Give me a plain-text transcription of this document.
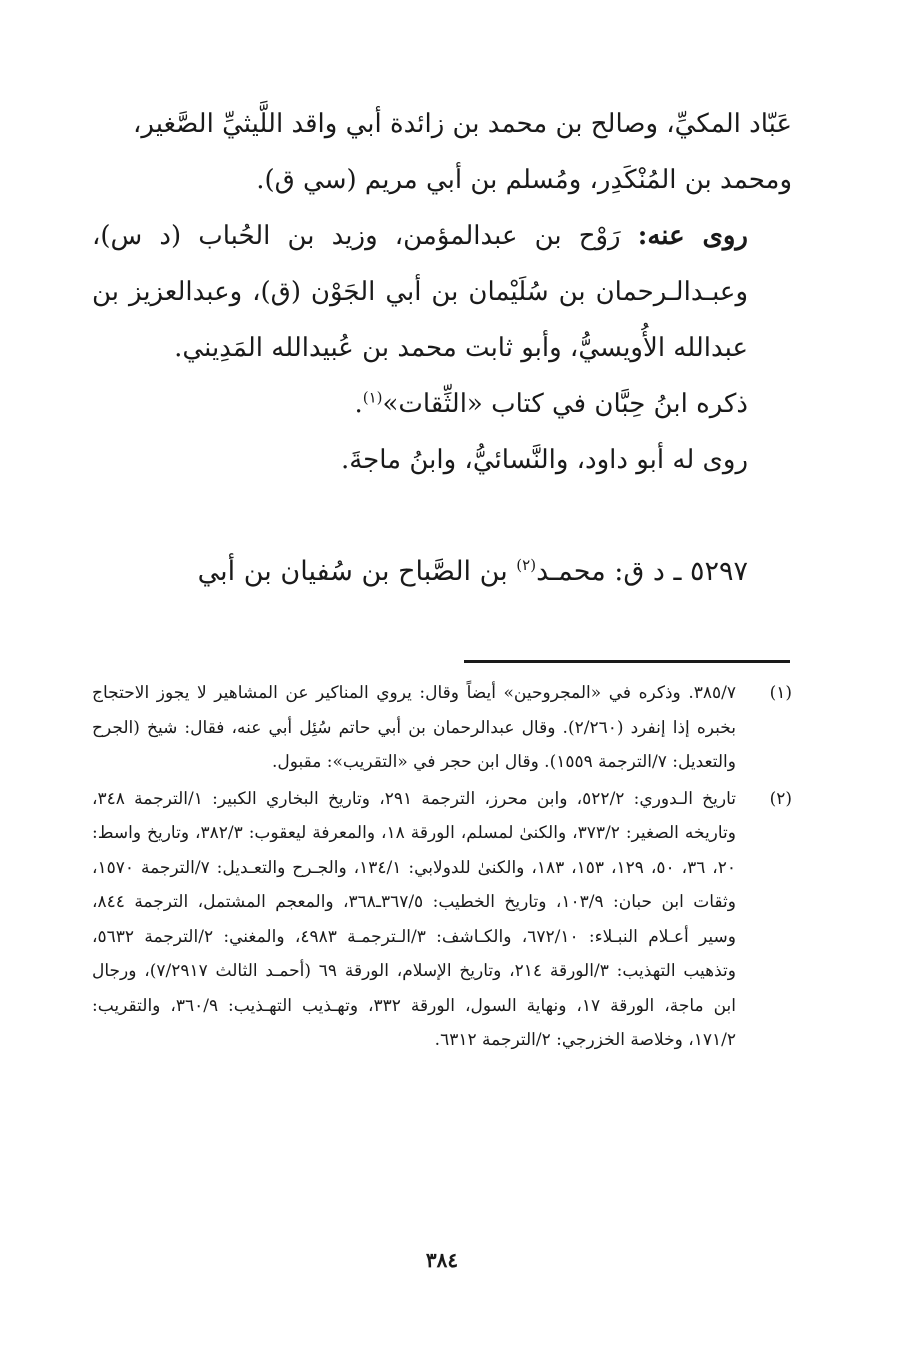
عَبّاد المكيِّ، وصالح بن محمد بن زائدة أبي واقد اللَّيثيِّ الصَّغير،

ومحمد بن المُنْكَدِر، ومُسلم بن أبي مريم (سي ق).

روى عنه: رَوْح بن عبدالمؤمن، وزيد بن الحُباب (د س)، وعبـدالـرحمان بن سُلَيْمان بن أبي الجَوْن (ق)، وعبدالعزيز بن عبدالله الأُويسيُّ، وأبو ثابت محمد بن عُبيدالله المَدِيني.

ذكره ابنُ حِبَّان في كتاب «الثِّقات»$^{(١)}$.

روى له أبو داود، والنَّسائيُّ، وابنُ ماجةَ.

٥٢٩٧ ـ د ق: محمـد$^{(٢)}$ بن الصَّباح بن سُفيان بن أبي
(١)
٣٨٥/٧. وذكره في «المجروحين» أيضاً وقال: يروي المناكير عن المشاهير لا يجوز الاحتجاج بخبره إذا إنفرد (٢/٢٦٠). وقال عبدالرحمان بن أبي حاتم سُئِل أبي عنه، فقال: شيخ (الجرح والتعديل: ٧/الترجمة ١٥٥٩). وقال ابن حجر في «التقريب»: مقبول.
(٢)
تاريخ الـدوري: ٥٢٢/٢، وابن محرز، الترجمة ٢٩١، وتاريخ البخاري الكبير: ١/الترجمة ٣٤٨، وتاريخه الصغير: ٣٧٣/٢، والكنىٰ لمسلم، الورقة ١٨، والمعرفة ليعقوب: ٣٨٢/٣، وتاريخ واسط: ٢٠، ٣٦، ٥٠، ١٢٩، ١٥٣، ١٨٣، والكنىٰ للدولابي: ١٣٤/١، والجـرح والتعـديل: ٧/الترجمة ١٥٧٠، وثقات ابن حبان: ١٠٣/٩، وتاريخ الخطيب: ٣٦٧/٥ـ٣٦٨، والمعجم المشتمل، الترجمة ٨٤٤، وسير أعـلام النبـلاء: ٦٧٢/١٠، والكـاشف: ٣/الـترجمـة ٤٩٨٣، والمغني: ٢/الترجمة ٥٦٣٢، وتذهيب التهذيب: ٣/الورقة ٢١٤، وتاريخ الإسلام، الورقة ٦٩ (أحمـد الثالث ٧/٢٩١٧)، ورجال ابن ماجة، الورقة ١٧، ونهاية السول، الورقة ٣٣٢، وتهـذيب التهـذيب: ٣٦٠/٩، والتقريب: ١٧١/٢، وخلاصة الخزرجي: ٢/الترجمة ٦٣١٢.
٣٨٤
